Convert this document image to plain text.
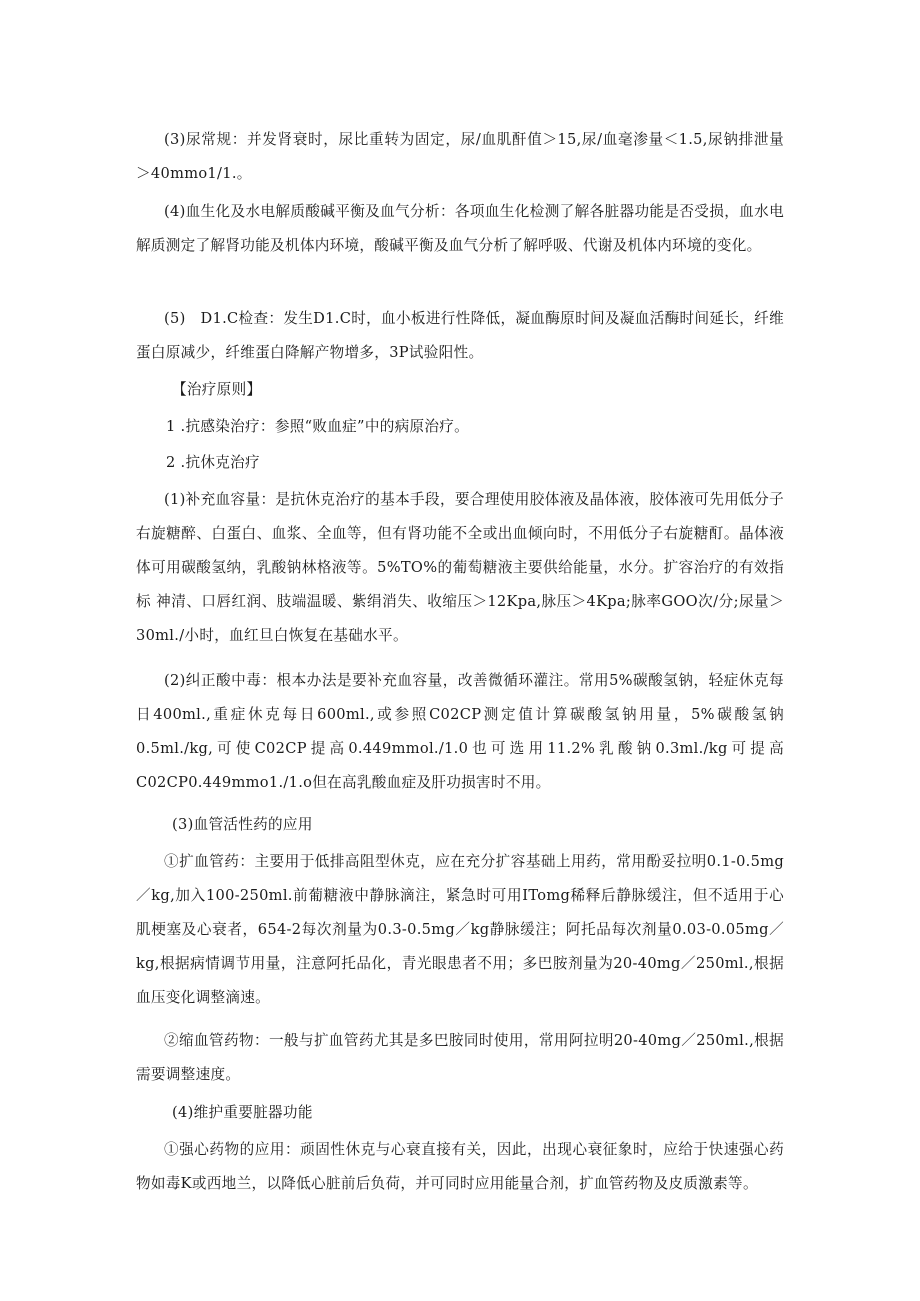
(3)尿常规：并发肾衰时，尿比重转为固定，尿/血肌酐值＞15,尿/血毫渗量＜1.5,尿钠排泄量＞40mmo1/1.。

(4)血生化及水电解质酸碱平衡及血气分析：各项血生化检测了解各脏器功能是否受损，血水电解质测定了解肾功能及机体内环境，酸碱平衡及血气分析了解呼吸、代谢及机体内环境的变化。

(5)　D1.C检查：发生D1.C时，血小板进行性降低，凝血酶原时间及凝血活酶时间延长，纤维蛋白原减少，纤维蛋白降解产物增多，3P试验阳性。

【治疗原则】

1 .抗感染治疗：参照“败血症”中的病原治疗。

2 .抗休克治疗

(1)补充血容量：是抗休克治疗的基本手段，要合理使用胶体液及晶体液，胶体液可先用低分子右旋糖醉、白蛋白、血浆、全血等，但有肾功能不全或出血倾向时，不用低分子右旋糖酊。晶体液体可用碳酸氢纳，乳酸钠林格液等。5%TO%的葡萄糖液主要供给能量，水分。扩容治疗的有效指标 神清、口唇红润、肢端温暖、紫绢消失、收缩压＞12Kpa,脉压＞4Kpa;脉率GOO次/分;尿量＞30ml./小时，血红旦白恢复在基础水平。

(2)纠正酸中毒：根本办法是要补充血容量，改善微循环灌注。常用5%碳酸氢钠，轻症休克每日400ml.,重症休克每日600ml.,或参照C02CP测定值计算碳酸氢钠用量，5%碳酸氢钠0.5ml./kg,可使C02CP提高0.449mmol./1.0也可选用11.2%乳酸钠0.3ml./kg可提高C02CP0.449mmo1./1.o但在高乳酸血症及肝功损害时不用。

(3)血管活性药的应用

①扩血管药：主要用于低排高阻型休克，应在充分扩容基础上用药，常用酚妥拉明0.1-0.5mg／kg,加入100-250ml.前葡糖液中静脉滴注，紧急时可用ITomg稀释后静脉缓注，但不适用于心肌梗塞及心衰者，654-2每次剂量为0.3-0.5mg／kg静脉缓注；阿托品每次剂量0.03-0.05mg／kg,根据病情调节用量，注意阿托品化，青光眼患者不用；多巴胺剂量为20-40mg／250ml.,根据血压变化调整滴速。

②缩血管药物：一般与扩血管药尤其是多巴胺同时使用，常用阿拉明20-40mg／250ml.,根据需要调整速度。

(4)维护重要脏器功能

①强心药物的应用：顽固性休克与心衰直接有关，因此，出现心衰征象时，应给于快速强心药物如毒K或西地兰，以降低心脏前后负荷，并可同时应用能量合剂，扩血管药物及皮质激素等。
